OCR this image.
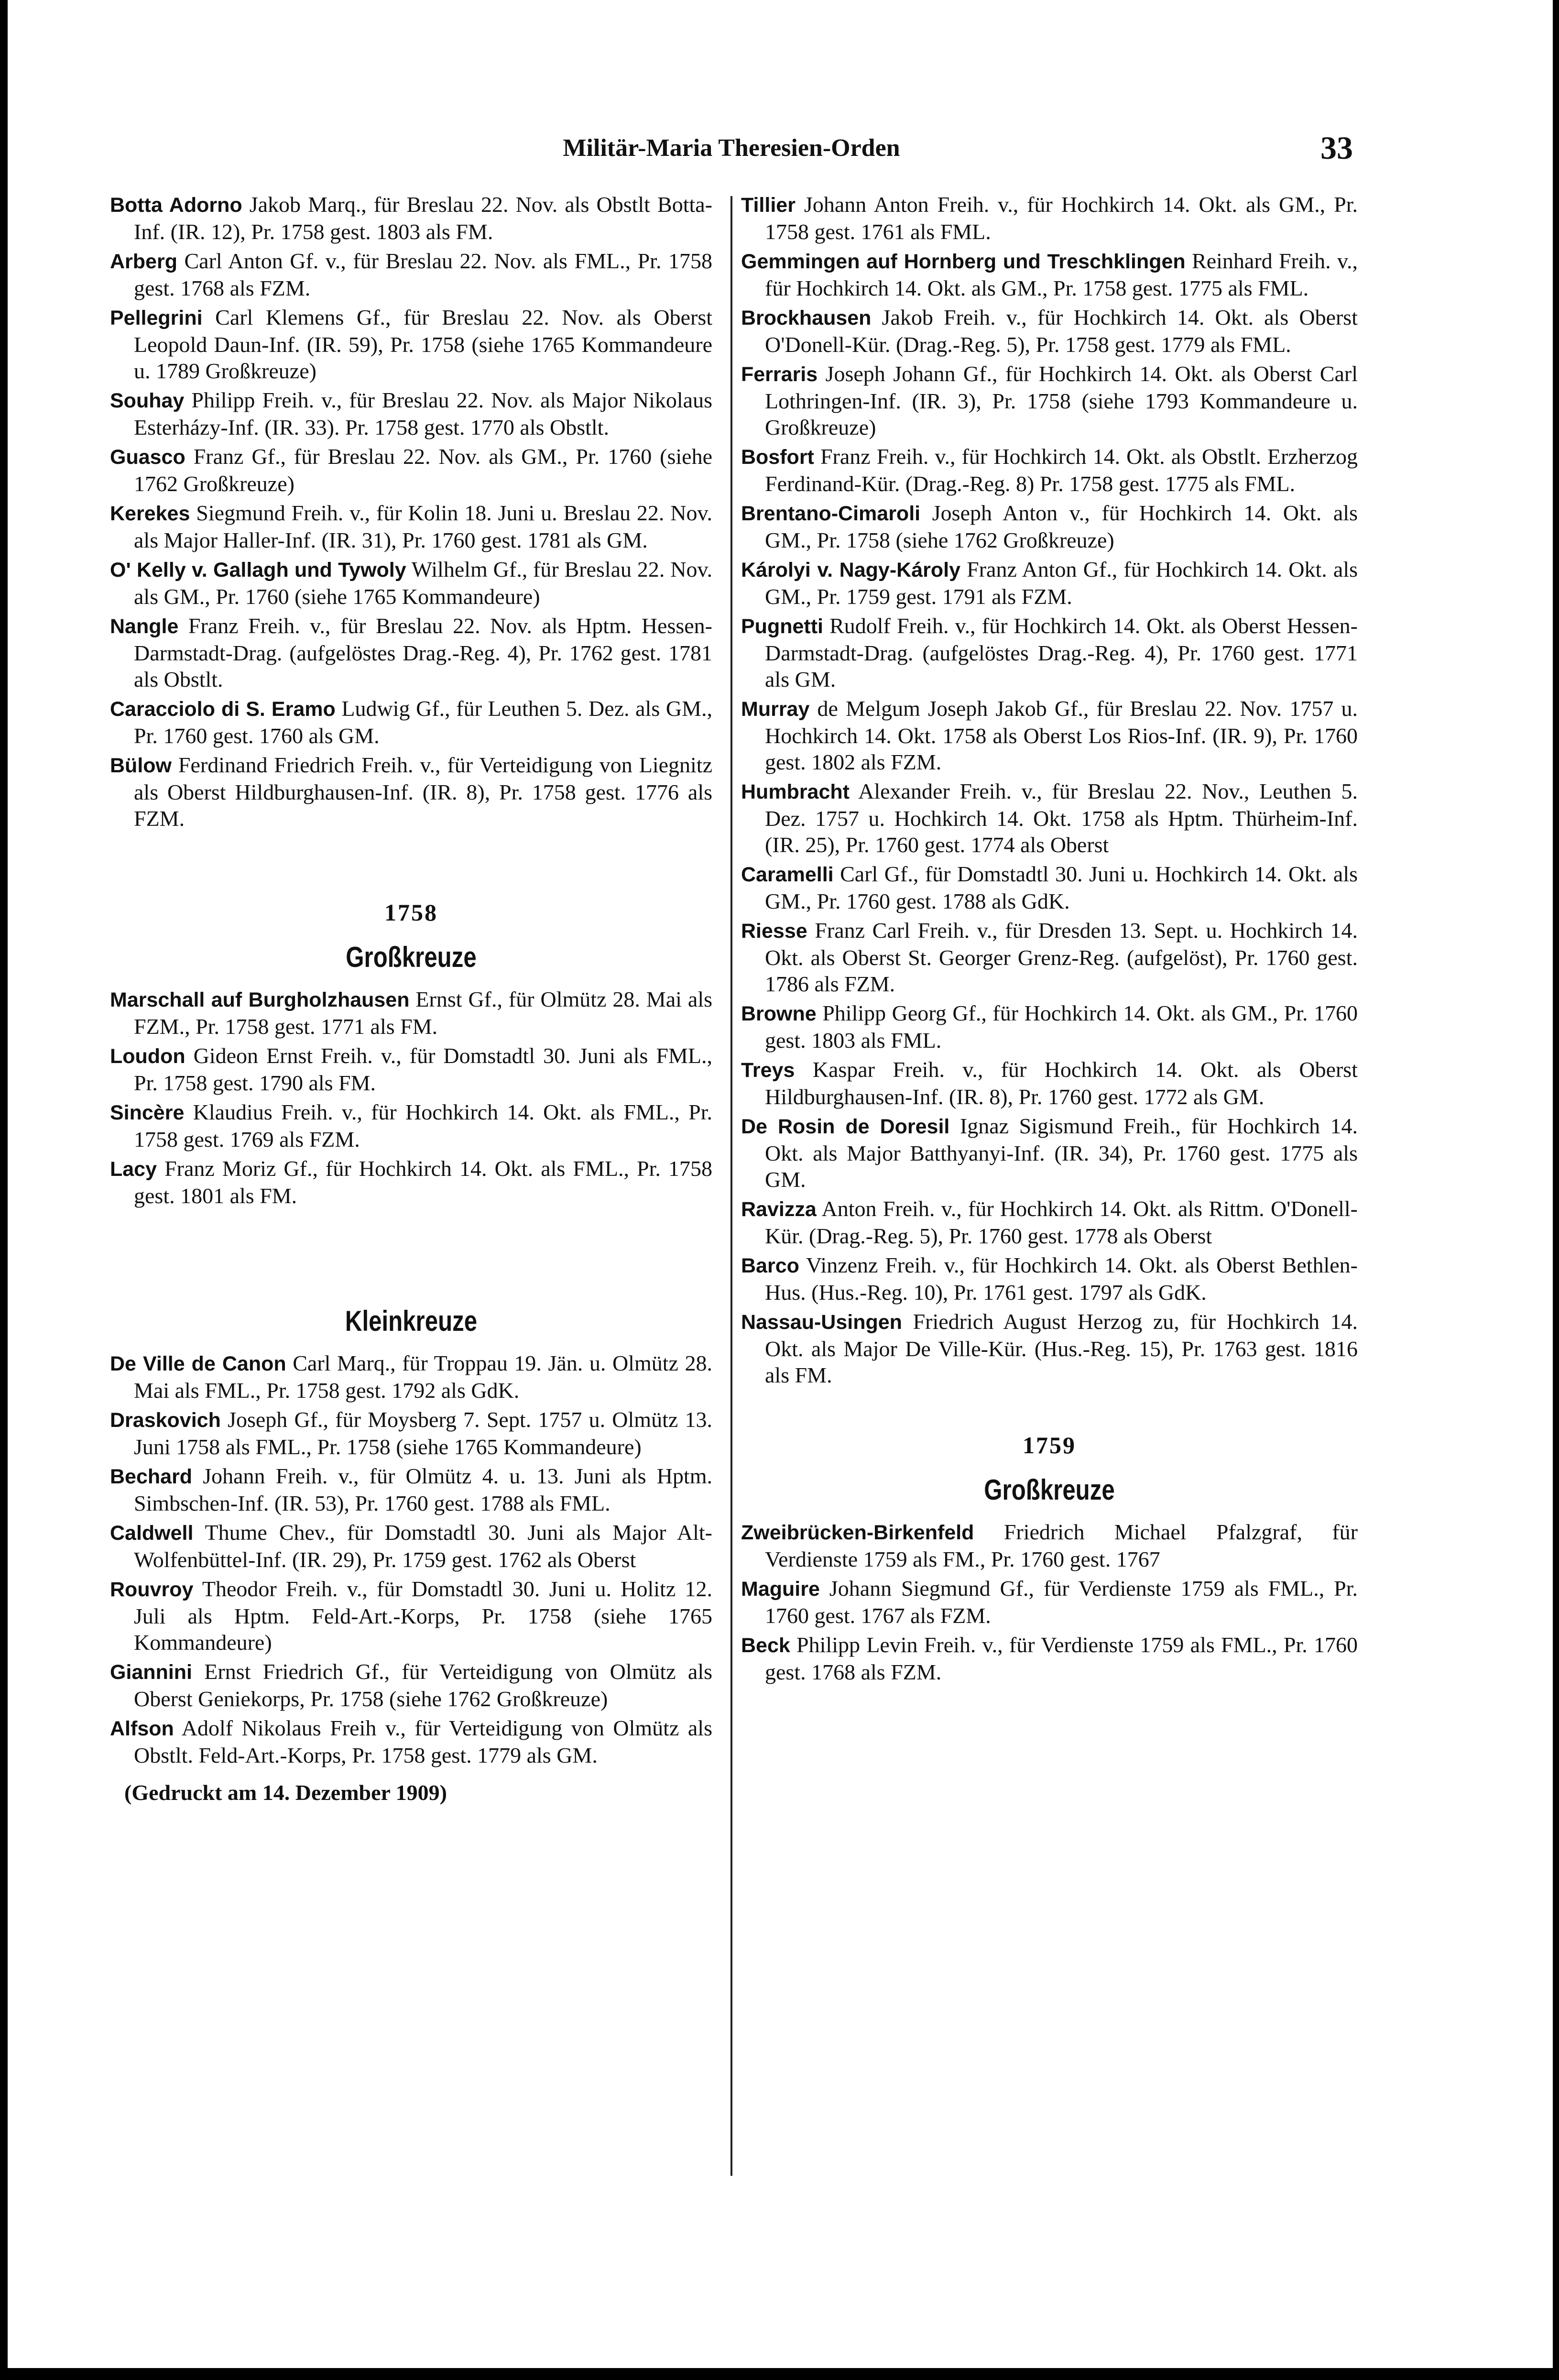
Militär-Maria Theresien-Orden	33

Botta Adorno Jakob Marq., für Breslau 22. Nov. als Obstlt Botta-Inf. (IR. 12), Pr. 1758 gest. 1803 als FM.

Arberg Carl Anton Gf. v., für Breslau 22. Nov. als FML., Pr. 1758 gest. 1768 als FZM.

Pellegrini Carl Klemens Gf., für Breslau 22. Nov. als Oberst Leopold Daun-Inf. (IR. 59), Pr. 1758 (siehe 1765 Kommandeure u. 1789 Großkreuze)

Souhay Philipp Freih. v., für Breslau 22. Nov. als Major Nikolaus Esterházy-Inf. (IR. 33). Pr. 1758 gest. 1770 als Obstlt.

Guasco Franz Gf., für Breslau 22. Nov. als GM., Pr. 1760 (siehe 1762 Großkreuze)

Kerekes Siegmund Freih. v., für Kolin 18. Juni u. Breslau 22. Nov. als Major Haller-Inf. (IR. 31), Pr. 1760 gest. 1781 als GM.

O' Kelly v. Gallagh und Tywoly Wilhelm Gf., für Breslau 22. Nov. als GM., Pr. 1760 (siehe 1765 Kommandeure)

Nangle Franz Freih. v., für Breslau 22. Nov. als Hptm. Hessen-Darmstadt-Drag. (aufgelöstes Drag.-Reg. 4), Pr. 1762 gest. 1781 als Obstlt.

Caracciolo di S. Eramo Ludwig Gf., für Leuthen 5. Dez. als GM., Pr. 1760 gest. 1760 als GM.

Bülow Ferdinand Friedrich Freih. v., für Verteidigung von Liegnitz als Oberst Hildburghausen-Inf. (IR. 8), Pr. 1758 gest. 1776 als FZM.

1758
Großkreuze

Marschall auf Burgholzhausen Ernst Gf., für Olmütz 28. Mai als FZM., Pr. 1758 gest. 1771 als FM.

Loudon Gideon Ernst Freih. v., für Domstadtl 30. Juni als FML., Pr. 1758 gest. 1790 als FM.

Sincère Klaudius Freih. v., für Hochkirch 14. Okt. als FML., Pr. 1758 gest. 1769 als FZM.

Lacy Franz Moriz Gf., für Hochkirch 14. Okt. als FML., Pr. 1758 gest. 1801 als FM.

Kleinkreuze

De Ville de Canon Carl Marq., für Troppau 19. Jän. u. Olmütz 28. Mai als FML., Pr. 1758 gest. 1792 als GdK.

Draskovich Joseph Gf., für Moysberg 7. Sept. 1757 u. Olmütz 13. Juni 1758 als FML., Pr. 1758 (siehe 1765 Kommandeure)

Bechard Johann Freih. v., für Olmütz 4. u. 13. Juni als Hptm. Simbschen-Inf. (IR. 53), Pr. 1760 gest. 1788 als FML.

Caldwell Thume Chev., für Domstadtl 30. Juni als Major Alt-Wolfenbüttel-Inf. (IR. 29), Pr. 1759 gest. 1762 als Oberst

Rouvroy Theodor Freih. v., für Domstadtl 30. Juni u. Holitz 12. Juli als Hptm. Feld-Art.-Korps, Pr. 1758 (siehe 1765 Kommandeure)

Giannini Ernst Friedrich Gf., für Verteidigung von Olmütz als Oberst Geniekorps, Pr. 1758 (siehe 1762 Großkreuze)

Alfson Adolf Nikolaus Freih v., für Verteidigung von Olmütz als Obstlt. Feld-Art.-Korps, Pr. 1758 gest. 1779 als GM.

(Gedruckt am 14. Dezember 1909)

Tillier Johann Anton Freih. v., für Hochkirch 14. Okt. als GM., Pr. 1758 gest. 1761 als FML.

Gemmingen auf Hornberg und Treschklingen Reinhard Freih. v., für Hochkirch 14. Okt. als GM., Pr. 1758 gest. 1775 als FML.

Brockhausen Jakob Freih. v., für Hochkirch 14. Okt. als Oberst O'Donell-Kür. (Drag.-Reg. 5), Pr. 1758 gest. 1779 als FML.

Ferraris Joseph Johann Gf., für Hochkirch 14. Okt. als Oberst Carl Lothringen-Inf. (IR. 3), Pr. 1758 (siehe 1793 Kommandeure u. Großkreuze)

Bosfort Franz Freih. v., für Hochkirch 14. Okt. als Obstlt. Erzherzog Ferdinand-Kür. (Drag.-Reg. 8) Pr. 1758 gest. 1775 als FML.

Brentano-Cimaroli Joseph Anton v., für Hochkirch 14. Okt. als GM., Pr. 1758 (siehe 1762 Großkreuze)

Károlyi v. Nagy-Károly Franz Anton Gf., für Hochkirch 14. Okt. als GM., Pr. 1759 gest. 1791 als FZM.

Pugnetti Rudolf Freih. v., für Hochkirch 14. Okt. als Oberst Hessen-Darmstadt-Drag. (aufgelöstes Drag.-Reg. 4), Pr. 1760 gest. 1771 als GM.

Murray de Melgum Joseph Jakob Gf., für Breslau 22. Nov. 1757 u. Hochkirch 14. Okt. 1758 als Oberst Los Rios-Inf. (IR. 9), Pr. 1760 gest. 1802 als FZM.

Humbracht Alexander Freih. v., für Breslau 22. Nov., Leuthen 5. Dez. 1757 u. Hochkirch 14. Okt. 1758 als Hptm. Thürheim-Inf. (IR. 25), Pr. 1760 gest. 1774 als Oberst

Caramelli Carl Gf., für Domstadtl 30. Juni u. Hochkirch 14. Okt. als GM., Pr. 1760 gest. 1788 als GdK.

Riesse Franz Carl Freih. v., für Dresden 13. Sept. u. Hochkirch 14. Okt. als Oberst St. Georger Grenz-Reg. (aufgelöst), Pr. 1760 gest. 1786 als FZM.

Browne Philipp Georg Gf., für Hochkirch 14. Okt. als GM., Pr. 1760 gest. 1803 als FML.

Treys Kaspar Freih. v., für Hochkirch 14. Okt. als Oberst Hildburghausen-Inf. (IR. 8), Pr. 1760 gest. 1772 als GM.

De Rosin de Doresil Ignaz Sigismund Freih., für Hochkirch 14. Okt. als Major Batthyanyi-Inf. (IR. 34), Pr. 1760 gest. 1775 als GM.

Ravizza Anton Freih. v., für Hochkirch 14. Okt. als Rittm. O'Donell-Kür. (Drag.-Reg. 5), Pr. 1760 gest. 1778 als Oberst

Barco Vinzenz Freih. v., für Hochkirch 14. Okt. als Oberst Bethlen-Hus. (Hus.-Reg. 10), Pr. 1761 gest. 1797 als GdK.

Nassau-Usingen Friedrich August Herzog zu, für Hochkirch 14. Okt. als Major De Ville-Kür. (Hus.-Reg. 15), Pr. 1763 gest. 1816 als FM.

1759
Großkreuze

Zweibrücken-Birkenfeld Friedrich Michael Pfalzgraf, für Verdienste 1759 als FM., Pr. 1760 gest. 1767

Maguire Johann Siegmund Gf., für Verdienste 1759 als FML., Pr. 1760 gest. 1767 als FZM.

Beck Philipp Levin Freih. v., für Verdienste 1759 als FML., Pr. 1760 gest. 1768 als FZM.
